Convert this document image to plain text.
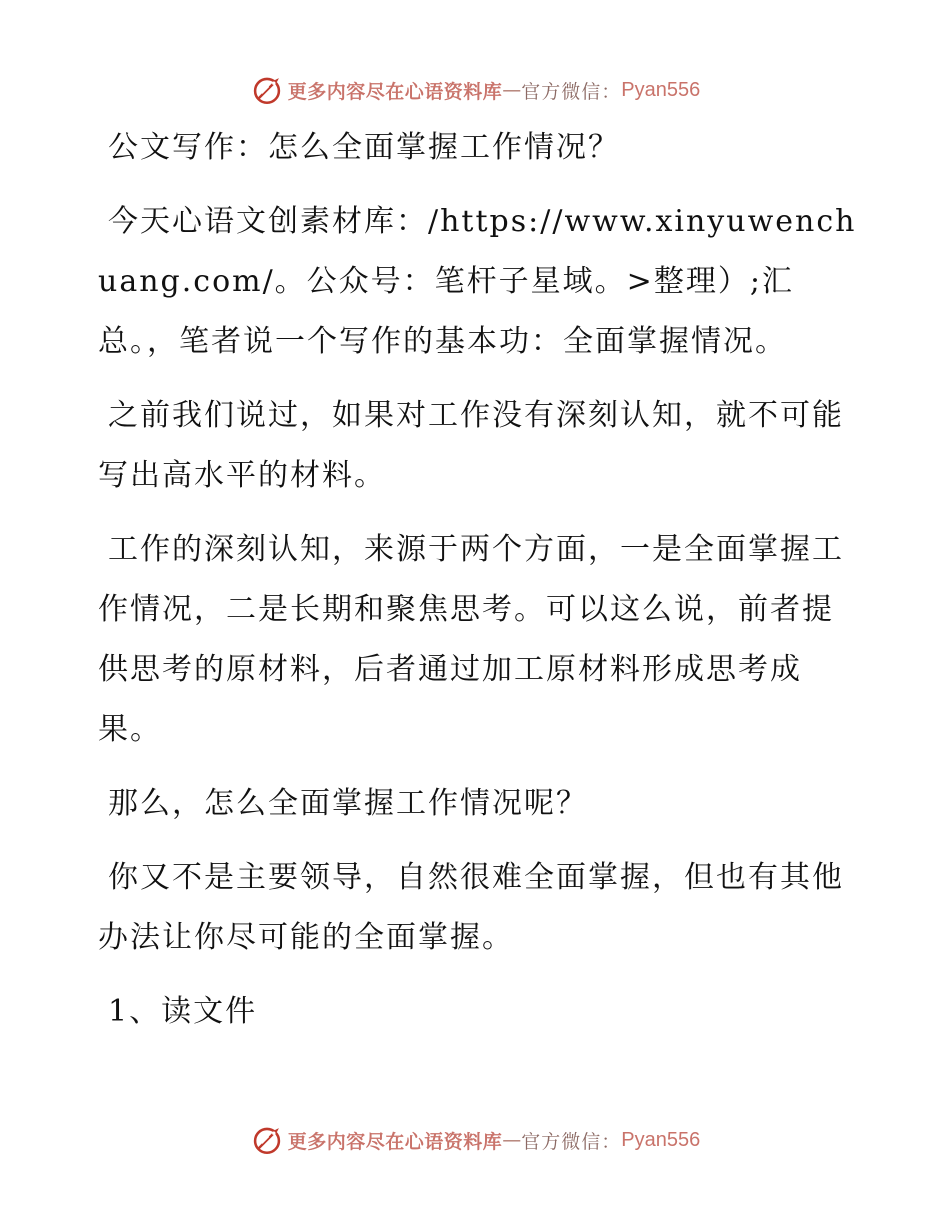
更多内容尽在心语资料库 — 官方微信： Pyan556

公文写作：怎么全面掌握工作情况？

今天心语文创素材库：/https://www.xinyuwenchuang.com/。公众号：笔杆子星域。>整理）;汇总。，笔者说一个写作的基本功：全面掌握情况。

之前我们说过，如果对工作没有深刻认知，就不可能写出高水平的材料。

工作的深刻认知，来源于两个方面，一是全面掌握工作情况，二是长期和聚焦思考。可以这么说，前者提供思考的原材料，后者通过加工原材料形成思考成果。

那么，怎么全面掌握工作情况呢？

你又不是主要领导，自然很难全面掌握，但也有其他办法让你尽可能的全面掌握。

1、读文件

更多内容尽在心语资料库 — 官方微信： Pyan556
